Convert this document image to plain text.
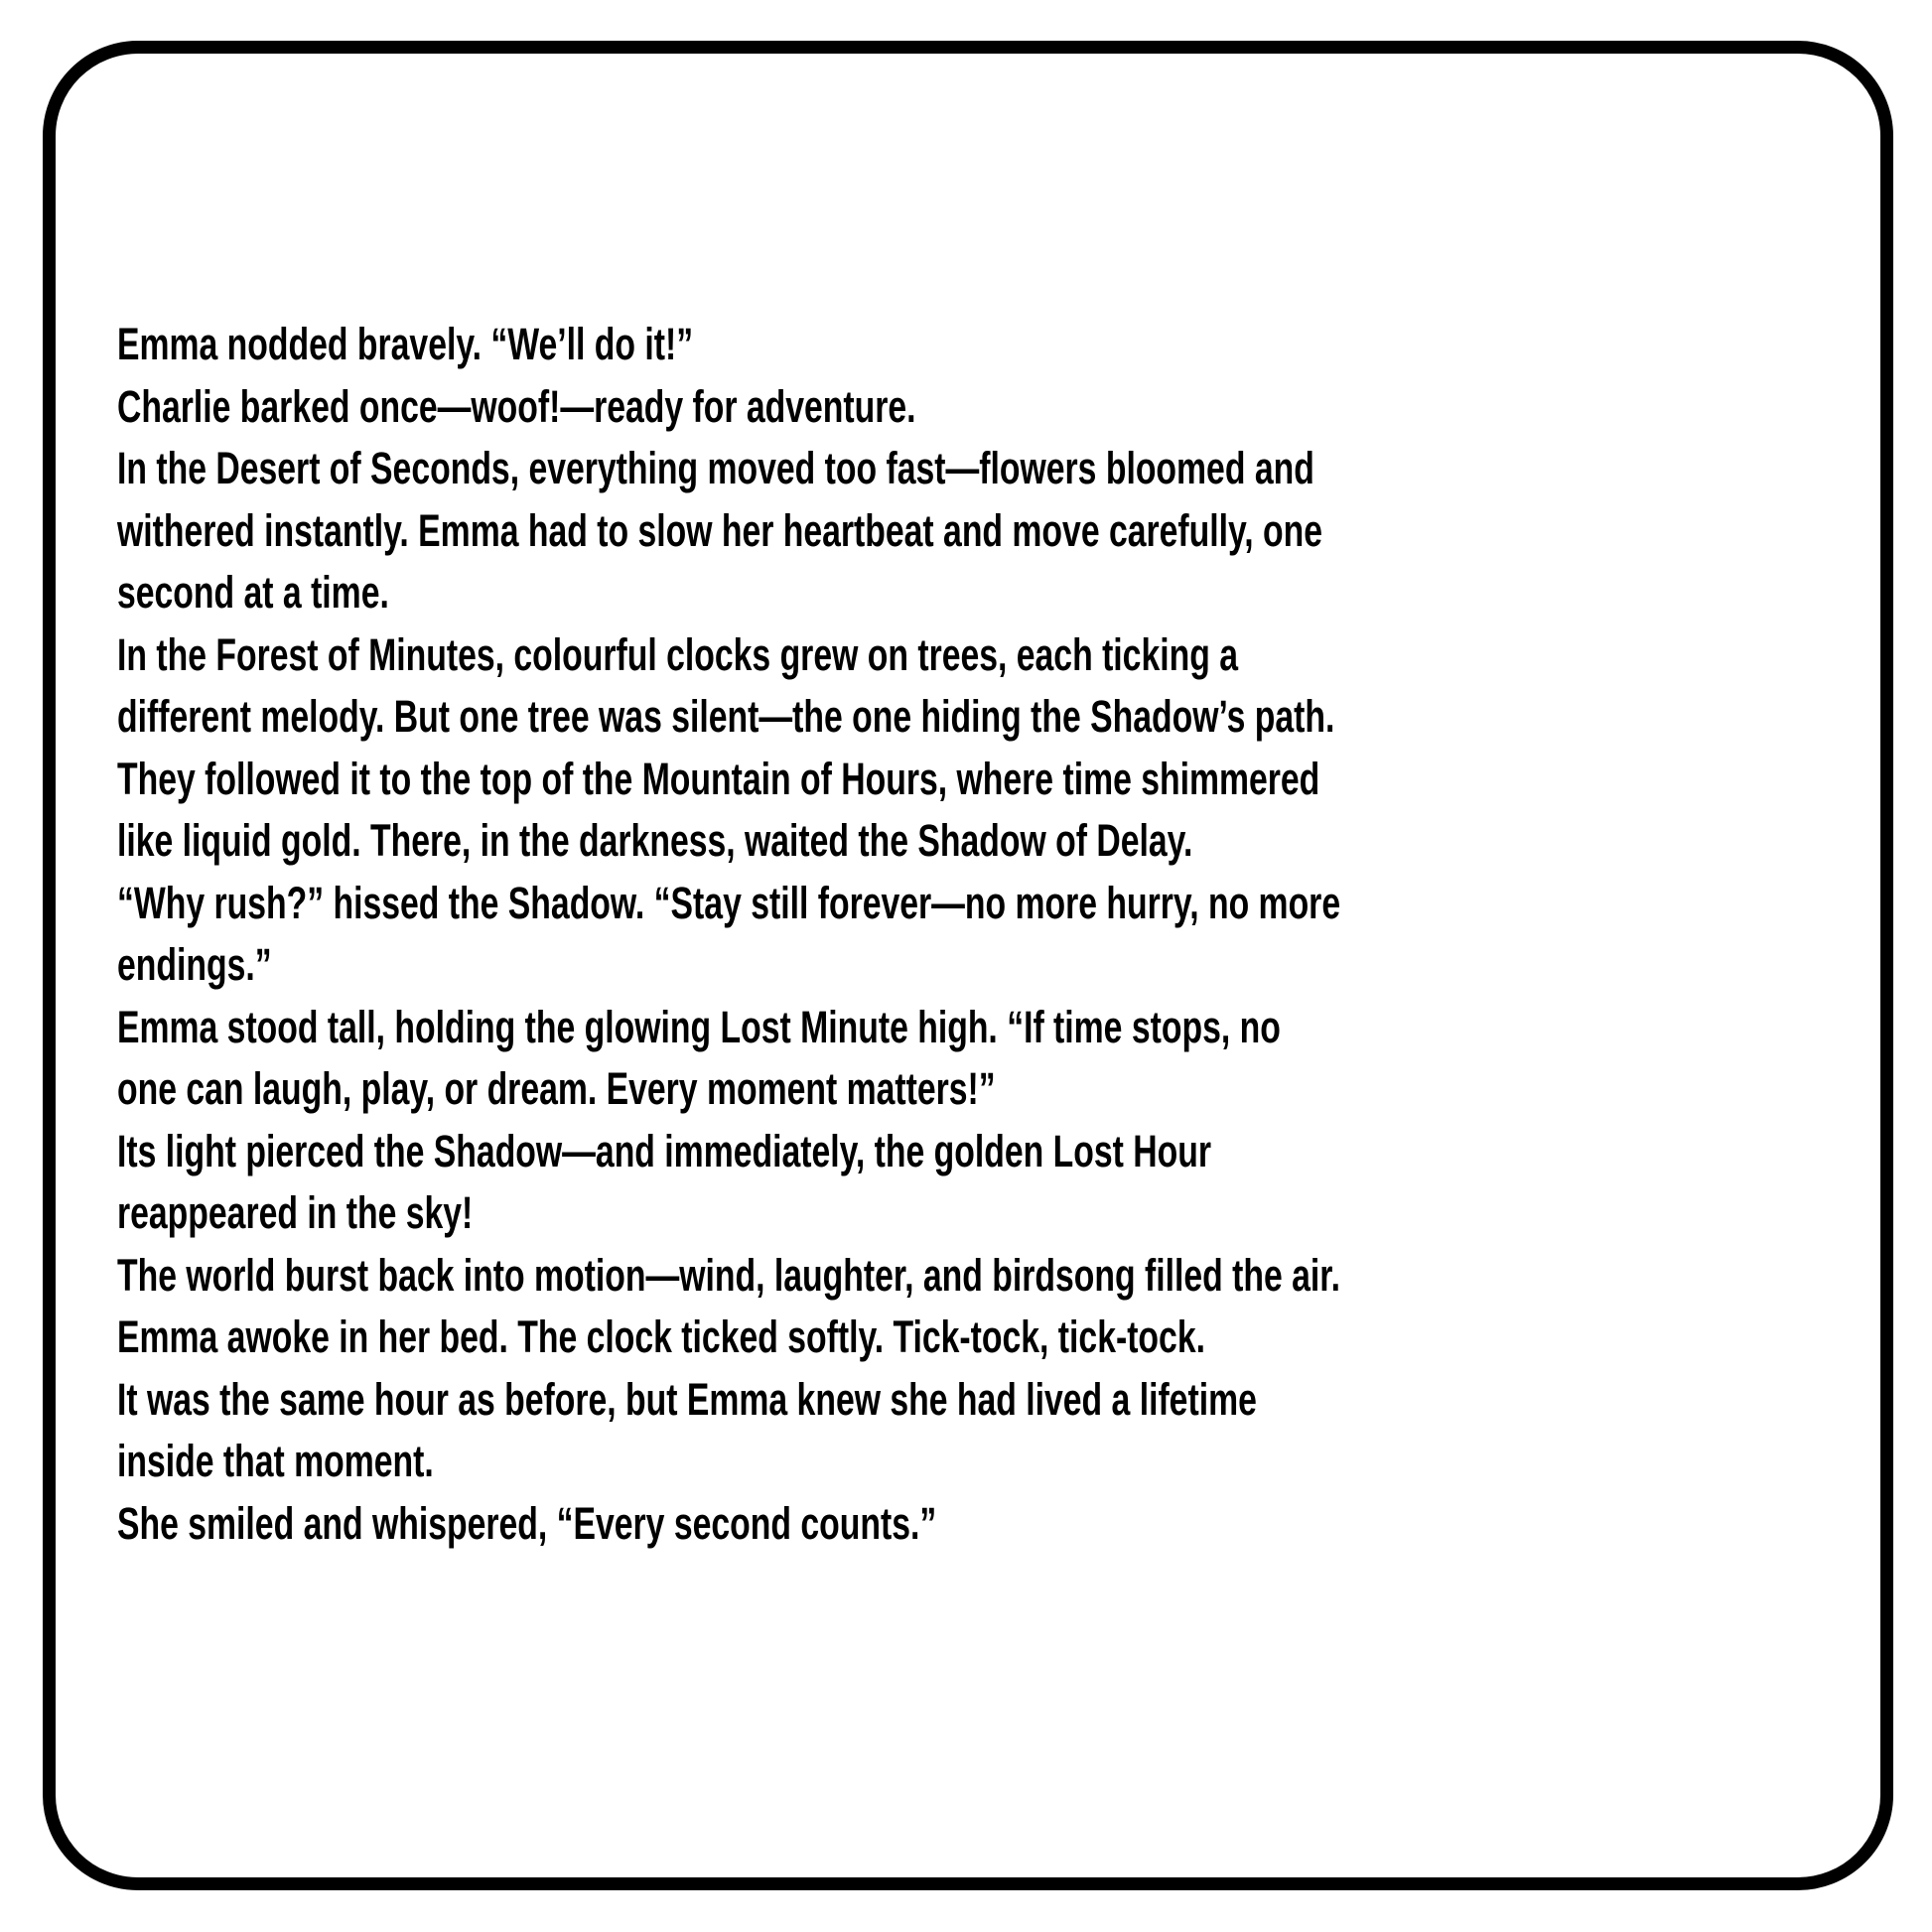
Emma nodded bravely. “We’ll do it!”
Charlie barked once—woof!—ready for adventure.
In the Desert of Seconds, everything moved too fast—flowers bloomed and
withered instantly. Emma had to slow her heartbeat and move carefully, one
second at a time.
In the Forest of Minutes, colourful clocks grew on trees, each ticking a
different melody. But one tree was silent—the one hiding the Shadow’s path.
They followed it to the top of the Mountain of Hours, where time shimmered
like liquid gold. There, in the darkness, waited the Shadow of Delay.
“Why rush?” hissed the Shadow. “Stay still forever—no more hurry, no more
endings.”
Emma stood tall, holding the glowing Lost Minute high. “If time stops, no
one can laugh, play, or dream. Every moment matters!”
Its light pierced the Shadow—and immediately, the golden Lost Hour
reappeared in the sky!
The world burst back into motion—wind, laughter, and birdsong filled the air.
Emma awoke in her bed. The clock ticked softly. Tick-tock, tick-tock.
It was the same hour as before, but Emma knew she had lived a lifetime
inside that moment.
She smiled and whispered, “Every second counts.”
